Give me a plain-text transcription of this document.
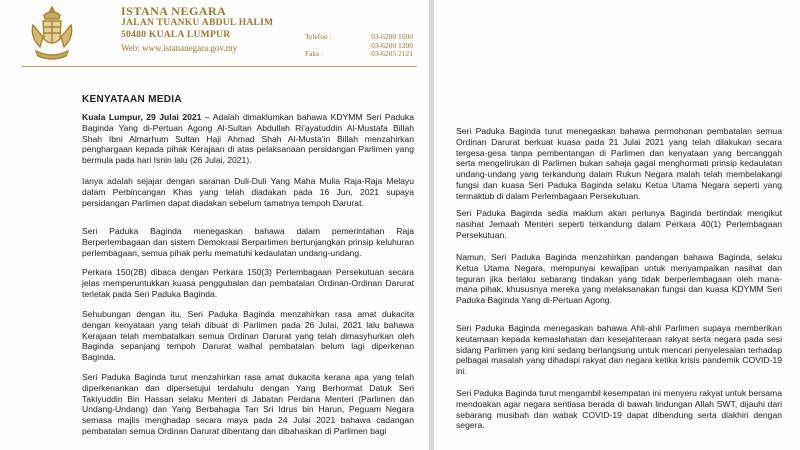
ISTANA NEGARA
JALAN TUANKU ABDUL HALIM
50480 KUALA LUMPUR
Web: www.istananegara.gov.my
Telefon :	03-6200 1000
03-6200 1200
Faks :	03-6205 2121
KENYATAAN MEDIA

Kuala Lumpur, 29 Julai 2021 – Adalah dimaklumkan bahawa KDYMM Seri Paduka Baginda Yang di-Pertuan Agong Al-Sultan Abdullah Ri'ayatuddin Al-Mustafa Billah Shah Ibni Almarhum Sultan Haji Ahmad Shah Al-Musta'in Billah menzahirkan penghargaan kepada pihak Kerajaan di atas pelaksanaan persidangan Parlimen yang bermula pada hari Isnin lalu (26 Julai, 2021).

Ianya adalah sejajar dengan saranan Duli-Duli Yang Maha Mulia Raja-Raja Melayu dalam Perbincangan Khas yang telah diadakan pada 16 Jun, 2021 supaya persidangan Parlimen dapat diadakan sebelum tamatnya tempoh Darurat.

Seri Paduka Baginda menegaskan bahawa dalam pemerintahan Raja Berperlembagaan dan sistem Demokrasi Berparlimen bertunjangkan prinsip keluhuran perlembagaan, semua pihak perlu mematuhi kedaulatan undang-undang.

Perkara 150(2B) dibaca dengan Perkara 150(3) Perlembagaan Persekutuan secara jelas memperuntukkan kuasa penggubalan dan pembatalan Ordinan-Ordinan Darurat terletak pada Seri Paduka Baginda.

Sehubungan dengan itu, Seri Paduka Baginda menzahirkan rasa amat dukacita dengan kenyataan yang telah dibuat di Parlimen pada 26 Julai, 2021 lalu bahawa Kerajaan telah membatalkan semua Ordinan Darurat yang telah dimasyhurkan oleh Baginda sepanjang tempoh Darurat walhal pembatalan belum lagi diperkenan Baginda.

Seri Paduka Baginda turut menzahirkan rasa amat dukacita kerana apa yang telah diperkenankan dan dipersetujui terdahulu dengan Yang Berhormat Datuk Seri Takiyuddin Bin Hassan selaku Menteri di Jabatan Perdana Menteri (Parlimen dan Undang-Undang) dan Yang Berbahagia Tan Sri Idrus bin Harun, Peguam Negara semasa majlis menghadap secara maya pada 24 Julai 2021 bahawa cadangan pembatalan semua Ordinan Darurat dibentang dan dibahaskan di Parlimen bagi

Seri Paduka Baginda turut menegaskan bahawa permohonan pembatalan semua Ordinan Darurat berkuat kuasa pada 21 Julai 2021 yang telah dilakukan secara tergesa-gesa tanpa pembentangan di Parlimen dan kenyataan yang bercanggah serta mengelirukan di Parlimen bukan sahaja gagal menghormati prinsip kedaulatan undang-undang yang terkandung dalam Rukun Negara malah telah membelakangi fungsi dan kuasa Seri Paduka Baginda selaku Ketua Utama Negara seperti yang termaktub di dalam Perlembagaan Persekutuan.

Seri Paduka Baginda sedia maklum akan perlunya Baginda bertindak mengikut nasihat Jemaah Menteri seperti terkandung dalam Perkara 40(1) Perlembagaan Persekutuan.

Namun, Seri Paduka Baginda menzahirkan pandangan bahawa Baginda, selaku Ketua Utama Negara, mempunyai kewajipan untuk menyampaikan nasihat dan teguran jika berlaku sebarang tindakan yang tidak berperlembagaan oleh mana-mana pihak, khususnya mereka yang melaksanakan fungsi dan kuasa KDYMM Seri Paduka Baginda Yang di-Pertuan Agong.

Seri Paduka Baginda menegaskan bahawa Ahli-ahli Parlimen supaya memberikan keutamaan kepada kemaslahatan dan kesejahteraan rakyat serta negara pada sesi sidang Parlimen yang kini sedang berlangsung untuk mencari penyelesaian terhadap pelbagai masalah yang dihadapi rakyat dan negara ketika krisis pandemik COVID-19 ini.

Seri Paduka Baginda turut mengambil kesempatan ini menyeru rakyat untuk bersama mendoakan agar negara sentiasa berada di bawah lindungan Allah SWT, dijauhi dari sebarang musibah dan wabak COVID-19 dapat dibendung serta diakhiri dengan segera.
